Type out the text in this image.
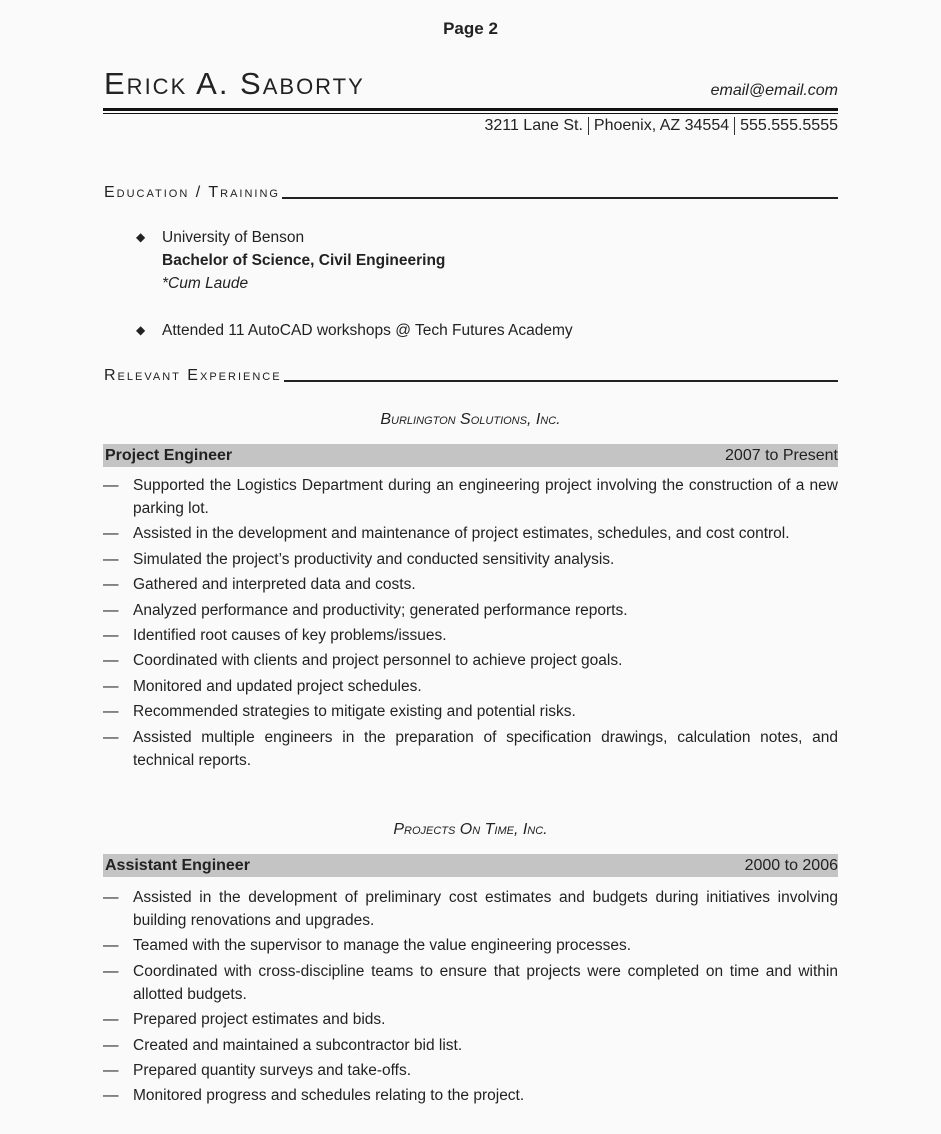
Page 2
Erick A. Saborty	email@email.com
3211 Lane St. Phoenix, AZ 34554 555.555.5555
Education / Training
◆ University of Benson
Bachelor of Science, Civil Engineering
*Cum Laude
◆ Attended 11 AutoCAD workshops @ Tech Futures Academy
Relevant Experience
Burlington Solutions, Inc.
Project Engineer	2007 to Present
— Supported the Logistics Department during an engineering project involving the construction of a new parking lot.
— Assisted in the development and maintenance of project estimates, schedules, and cost control.
— Simulated the project’s productivity and conducted sensitivity analysis.
— Gathered and interpreted data and costs.
— Analyzed performance and productivity; generated performance reports.
— Identified root causes of key problems/issues.
— Coordinated with clients and project personnel to achieve project goals.
— Monitored and updated project schedules.
— Recommended strategies to mitigate existing and potential risks.
— Assisted multiple engineers in the preparation of specification drawings, calculation notes, and technical reports.
Projects On Time, Inc.
Assistant Engineer	2000 to 2006
— Assisted in the development of preliminary cost estimates and budgets during initiatives involving building renovations and upgrades.
— Teamed with the supervisor to manage the value engineering processes.
— Coordinated with cross-discipline teams to ensure that projects were completed on time and within allotted budgets.
— Prepared project estimates and bids.
— Created and maintained a subcontractor bid list.
— Prepared quantity surveys and take-offs.
— Monitored progress and schedules relating to the project.
